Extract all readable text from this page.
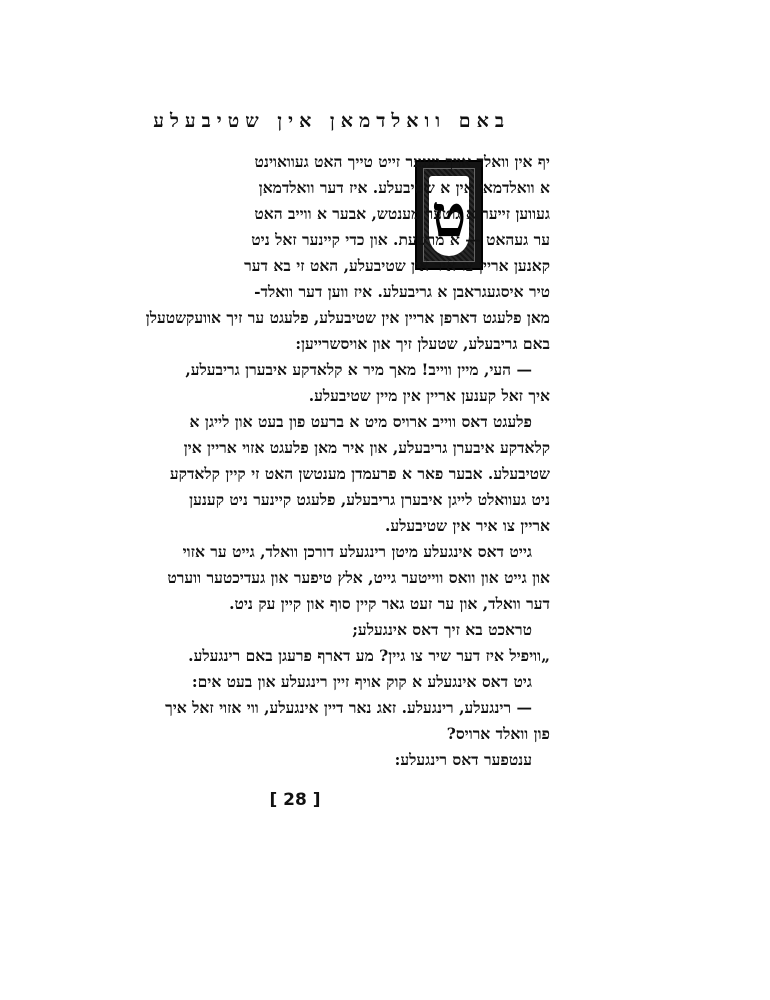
באם וואלדמאן אין שטיבעלע
ט
יף אין וואלד אויף יענער זייט טייך האט געוואוינט
א וואלדמאן אין א שטיבעלע. איז דער וואלדמאן
געווען זייער א גוטער מענטש, אבער א ווייב האט
ער געהאט — א מרשעת. און כדי קיינער זאל ניט
קאנען אריין צו איר אין שטיבעלע, האט זי בא דער
טיר איסגעגראבן א גריבעלע. איז ווען דער וואלד-
מאן פלעגט דארפן אריין אין שטיבעלע, פלעגט ער זיך אוועקשטעלן
באם גריבעלע, שטעלן זיך און אויסשרייען:
— העי, מיין ווייב! מאך מיר א קלאדקע איבערן גריבעלע,
איך זאל קענען אריין אין מיין שטיבעלע.
פלעגט דאס ווייב ארויס מיט א ברעט פון בעט און לייגן א
קלאדקע איבערן גריבעלע, און איר מאן פלעגט אזוי אריין אין
שטיבעלע. אבער פאר א פרעמדן מענטשן האט זי קיין קלאדקע
ניט געוואלט לייגן איבערן גריבעלע, פלעגט קיינער ניט קענען
אריין צו איר אין שטיבעלע.
גייט דאס אינגעלע מיטן רינגעלע דורכן וואלד, גייט ער אזוי
און גייט און וואס ווייטער גייט, אלץ טיפער און געדיכטער ווערט
דער וואלד, און ער זעט גאר קיין סוף און קיין עק ניט.
טראכט בא זיך דאס אינגעלע;
„וויפיל איז דער שיר צו גיין? מע דארף פרעגן באם רינגעלע.
גיט דאס אינגעלע א קוק אויף זיין רינגעלע און בעט אים:
— רינגעלע, רינגעלע. זאג נאר דיין אינגעלע, ווי אזוי זאל איך
פון וואלד ארויס?
ענטפער דאס רינגעלע:
[ 28 ]
